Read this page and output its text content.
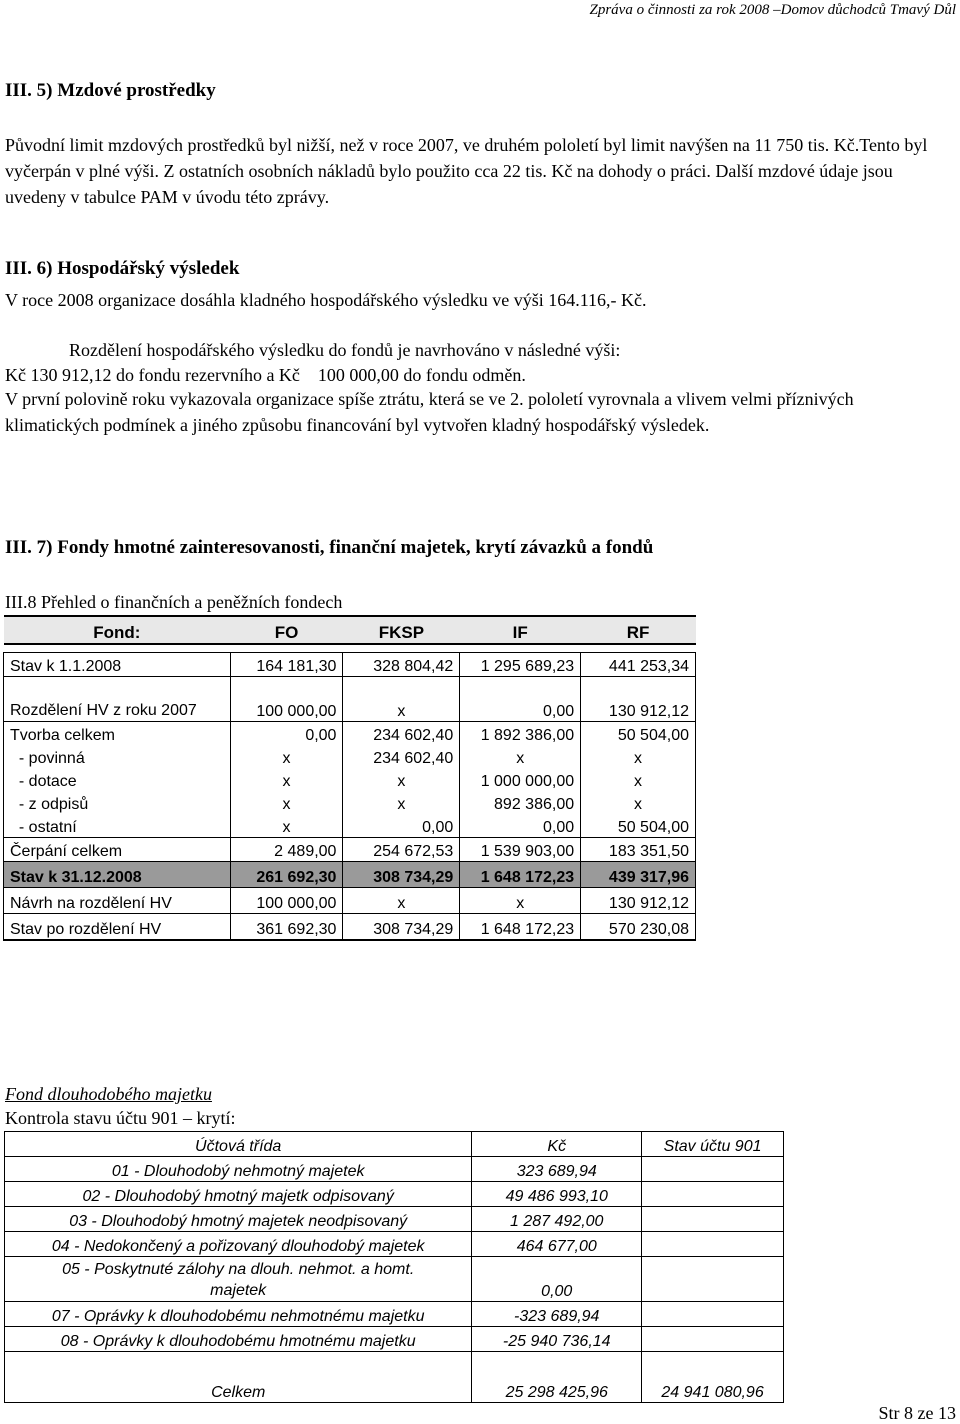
Zpráva o činnosti za rok 2008 –Domov důchodců Tmavý Důl
III. 5) Mzdové prostředky
Původní limit mzdových prostředků byl nižší, než v roce 2007, ve druhém pololetí byl limit navýšen na 11 750 tis. Kč.Tento byl vyčerpán v plné výši. Z ostatních osobních nákladů bylo použito cca 22 tis. Kč na dohody o práci. Další mzdové údaje jsou uvedeny v tabulce PAM v úvodu této zprávy.
III. 6) Hospodářský výsledek
V roce 2008 organizace dosáhla kladného hospodářského výsledku ve výši 164.116,- Kč.
Rozdělení hospodářského výsledku do fondů je navrhováno v následné výši:
Kč 130 912,12 do fondu rezervního a Kč    100 000,00 do fondu odměn.
V první polovině roku vykazovala organizace spíše ztrátu, která se ve 2. pololetí vyrovnala a vlivem velmi příznivých klimatických podmínek a jiného způsobu financování byl vytvořen kladný hospodářský výsledek.
III. 7) Fondy hmotné zainteresovanosti, finanční majetek, krytí závazků a fondů
III.8 Přehled o finančních a peněžních fondech
Fond:	FO	FKSP	IF	RF

Stav k 1.1.2008	164 181,30	328 804,42	1 295 689,23	441 253,34
Rozdělení HV z roku 2007	100 000,00	x	0,00	130 912,12
Tvorba celkem	0,00	234 602,40	1 892 386,00	50 504,00
- povinná	x	234 602,40	x	x
- dotace	x	x	1 000 000,00	x
- z odpisů	x	x	892 386,00	x
- ostatní	x	0,00	0,00	50 504,00
Čerpání celkem	2 489,00	254 672,53	1 539 903,00	183 351,50
Stav k 31.12.2008	261 692,30	308 734,29	1 648 172,23	439 317,96
Návrh na rozdělení HV	100 000,00	x	x	130 912,12
Stav po rozdělení HV	361 692,30	308 734,29	1 648 172,23	570 230,08
Fond dlouhodobého majetku
Kontrola stavu účtu 901 – krytí:
Účtová třída	Kč	Stav účtu 901
01 - Dlouhodobý nehmotný majetek	323 689,94	
02 - Dlouhodobý hmotný majetk odpisovaný	49 486 993,10	
03 - Dlouhodobý hmotný majetek neodpisovaný	1 287 492,00	
04 - Nedokončený a pořizovaný dlouhodobý majetek	464 677,00	
05 - Poskytnuté zálohy na dlouh. nehmot. a homt. majetek	0,00	
07 - Oprávky k dlouhodobému nehmotnému majetku	-323 689,94	
08 - Oprávky k dlouhodobému hmotnému majetku	-25 940 736,14	
Celkem	25 298 425,96	24 941 080,96
Str 8 ze 13
